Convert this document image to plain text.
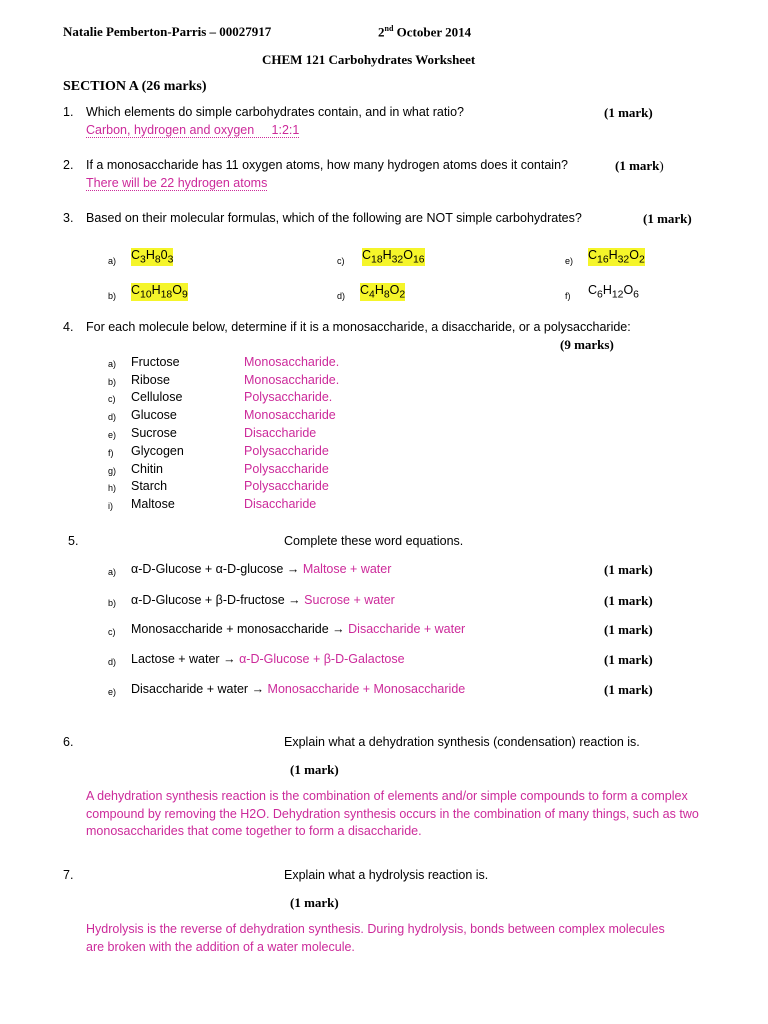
Natalie Pemberton-Parris – 00027917	2nd October 2014
CHEM 121 Carbohydrates Worksheet
SECTION A (26 marks)
1. Which elements do simple carbohydrates contain, and in what ratio?	(1 mark)
Carbon, hydrogen and oxygen     1:2:1
2. If a monosaccharide has 11 oxygen atoms, how many hydrogen atoms does it contain?	(1 mark)
There will be 22 hydrogen atoms
3. Based on their molecular formulas, which of the following are NOT simple carbohydrates?	(1 mark)
a) $C_3H_80_3$
b) $C_{10}H_{18}O_9$
c) $C_{18}H_{32}O_{16}$
d) $C_4H_8O_2$
e) $C_{16}H_{32}O_2$
f) $C_6H_{12}O_6$
4. For each molecule below, determine if it is a monosaccharide, a disaccharide, or a polysaccharide:
(9 marks)
a) Fructose	Monosaccharide.
b) Ribose	Monosaccharide.
c) Cellulose	Polysaccharide.
d) Glucose	Monosaccharide
e) Sucrose	Disaccharide
f) Glycogen	Polysaccharide
g) Chitin	Polysaccharide
h) Starch	Polysaccharide
i) Maltose	Disaccharide
5.	Complete these word equations.
a) α-D-Glucose + α-D-glucose → Maltose + water	(1 mark)
b) α-D-Glucose + β-D-fructose → Sucrose + water	(1 mark)
c) Monosaccharide + monosaccharide → Disaccharide + water	(1 mark)
d) Lactose + water → α-D-Glucose + β-D-Galactose	(1 mark)
e) Disaccharide + water → Monosaccharide + Monosaccharide	(1 mark)
6.	Explain what a dehydration synthesis (condensation) reaction is.
(1 mark)
A dehydration synthesis reaction is the combination of elements and/or simple compounds to form a complex compound by removing the H2O. Dehydration synthesis occurs in the combination of many things, such as two monosaccharides that come together to form a disaccharide.
7.	Explain what a hydrolysis reaction is.
(1 mark)
Hydrolysis is the reverse of dehydration synthesis. During hydrolysis, bonds between complex molecules are broken with the addition of a water molecule.
